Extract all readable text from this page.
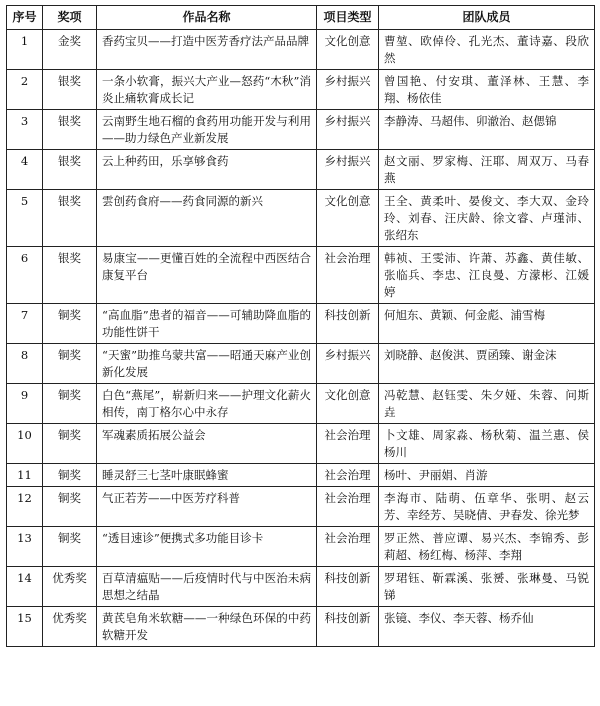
序号	奖项	作品名称	项目类型	团队成员
1	金奖	香药宝贝——打造中医芳香疗法产品品牌	文化创意	曹堃、欧倬伶、孔光杰、董诗嘉、段欣然
2	银奖	一条小软膏，振兴大产业—怒药“木秋”消炎止痛软膏成长记	乡村振兴	曾国艳、付安琪、董泽林、王慧、李翔、杨依佳
3	银奖	云南野生地石榴的食药用功能开发与利用——助力绿色产业新发展	乡村振兴	李静涛、马超伟、卯澈治、赵偲锦
4	银奖	云上种药田，乐享够食药	乡村振兴	赵文丽、罗家梅、汪耶、周双万、马春燕
5	银奖	雲创药食府——药食同源的新兴	文化创意	王全、黄柔叶、晏俊文、李大双、金玲玲、刘春、汪庆龄、徐文睿、卢瑾沛、张绍东
6	银奖	易康宝——更懂百姓的全流程中西医结合康复平台	社会治理	韩祯、王雯沛、许萧、苏鑫、黄佳敏、张临兵、李忠、江良曼、方濛彬、江媛婷
7	铜奖	“高血脂”患者的福音——可辅助降血脂的功能性饼干	科技创新	何旭东、黄颖、何金彪、浦雪梅
8	铜奖	“天蜜”助推乌蒙共富——昭通天麻产业创新化发展	乡村振兴	刘晓静、赵俊淇、贾函臻、谢金沫
9	铜奖	白色“燕尾”，崭新归来——护理文化薪火相传，南丁格尔心中永存	文化创意	冯乾慧、赵钰雯、朱夕娅、朱蓉、问斯垚
10	铜奖	军魂素质拓展公益会	社会治理	卜文雄、周家淼、杨秋菊、温兰惠、侯杨川
11	铜奖	睡灵舒三七茎叶康眠蜂蜜	社会治理	杨叶、尹丽娟、肖游
12	铜奖	气正若芳——中医芳疗科普	社会治理	李海市、陆萌、伍章华、张明、赵云芳、幸经芳、吴晓倩、尹春发、徐光梦
13	铜奖	“透目速诊”便携式多功能目诊卡	社会治理	罗正然、普应谭、易兴杰、李锦秀、彭莉超、杨红梅、杨萍、李翔
14	优秀奖	百草清瘟贴——后疫情时代与中医治未病思想之结晶	科技创新	罗珺钰、靳霖溪、张赟、张琳曼、马锐锑
15	优秀奖	黄芪皂角米软糖——一种绿色环保的中药软糖开发	科技创新	张镜、李仪、李天蓉、杨乔仙
